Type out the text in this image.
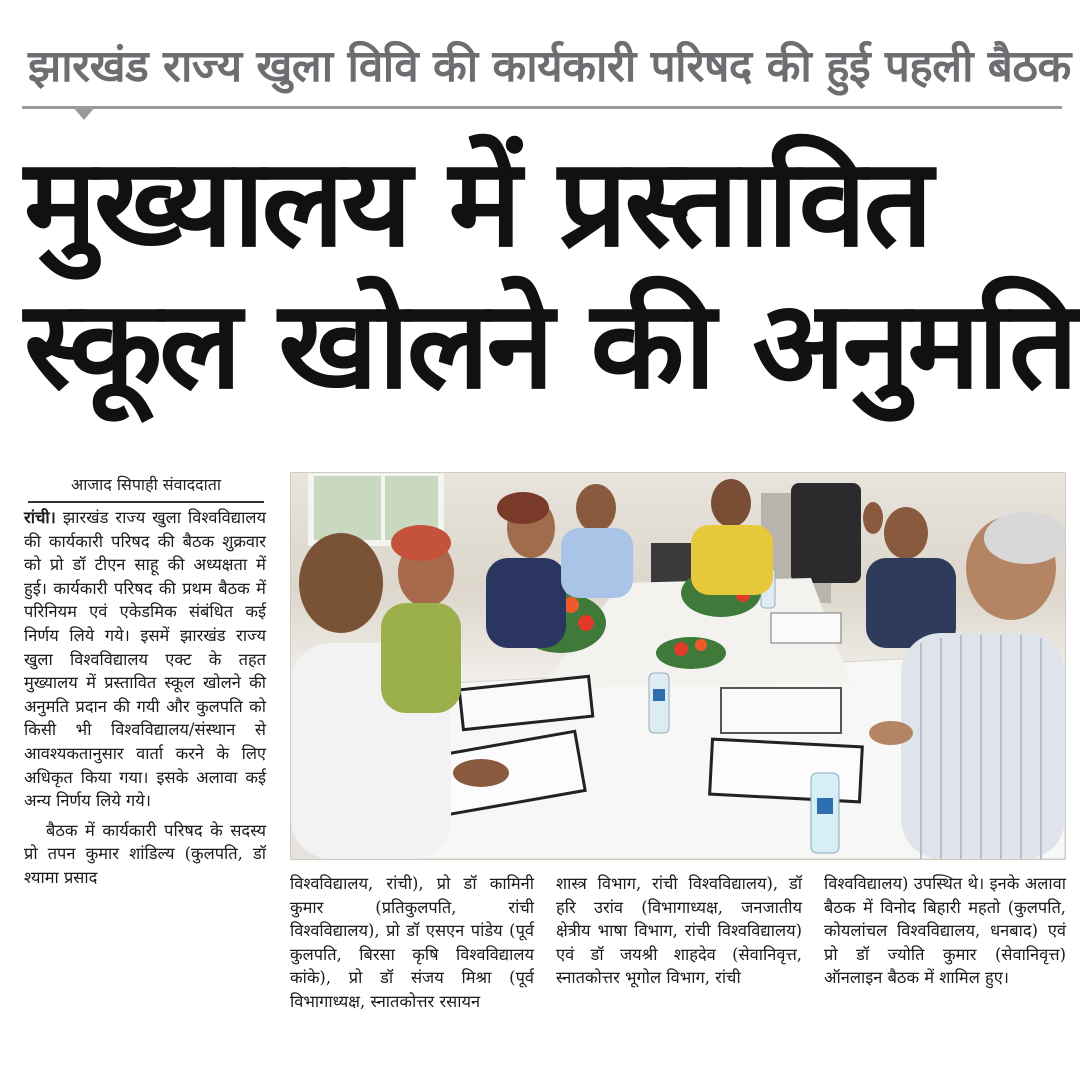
झारखंड राज्य खुला विवि की कार्यकारी परिषद की हुई पहली बैठक
मुख्यालय में प्रस्तावित
स्कूल खोलने की अनुमति
आजाद सिपाही संवाददाता

रांची। झारखंड राज्य खुला विश्वविद्यालय की कार्यकारी परिषद की बैठक शुक्रवार को प्रो डॉ टीएन साहू की अध्यक्षता में हुई। कार्यकारी परिषद की प्रथम बैठक में परिनियम एवं एकेडमिक संबंधित कई निर्णय लिये गये। इसमें झारखंड राज्य खुला विश्वविद्यालय एक्ट के तहत मुख्यालय में प्रस्तावित स्कूल खोलने की अनुमति प्रदान की गयी और कुलपति को किसी भी विश्वविद्यालय/संस्थान से आवश्यकतानुसार वार्ता करने के लिए अधिकृत किया गया। इसके अलावा कई अन्य निर्णय लिये गये।

बैठक में कार्यकारी परिषद के सदस्य प्रो तपन कुमार शांडिल्य (कुलपति, डॉ श्यामा प्रसाद	विश्वविद्यालय, रांची), प्रो डॉ कामिनी कुमार (प्रतिकुलपति, रांची विश्वविद्यालय), प्रो डॉ एसएन पांडेय (पूर्व कुलपति, बिरसा कृषि विश्वविद्यालय कांके), प्रो डॉ संजय मिश्रा (पूर्व विभागाध्यक्ष, स्नातकोत्तर रसायन
शास्त्र विभाग, रांची विश्वविद्यालय), डॉ हरि उरांव (विभागाध्यक्ष, जनजातीय क्षेत्रीय भाषा विभाग, रांची विश्वविद्यालय) एवं डॉ जयश्री शाहदेव (सेवानिवृत्त, स्नातकोत्तर भूगोल विभाग, रांची
विश्वविद्यालय) उपस्थित थे। इनके अलावा बैठक में विनोद बिहारी महतो (कुलपति, कोयलांचल विश्वविद्यालय, धनबाद) एवं प्रो डॉ ज्योति कुमार (सेवानिवृत्त) ऑनलाइन बैठक में शामिल हुए।
